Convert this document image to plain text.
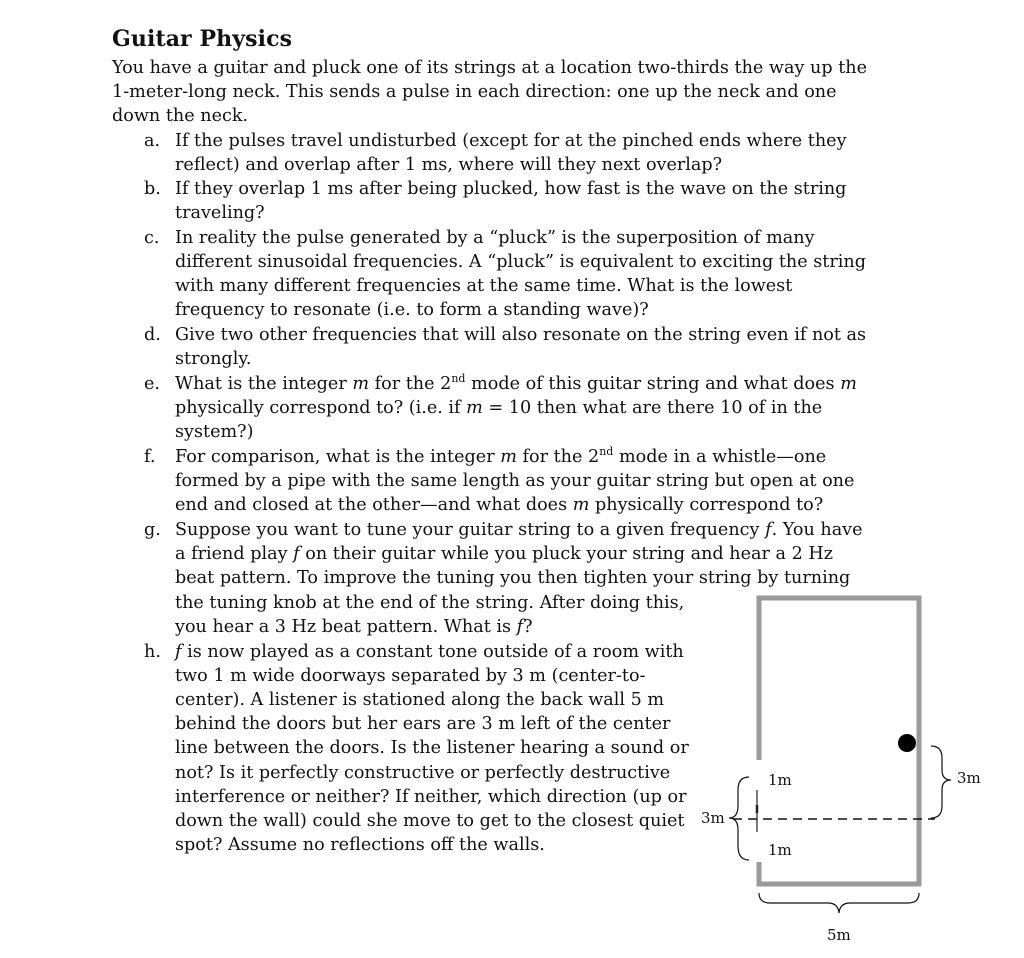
Guitar Physics
You have a guitar and pluck one of its strings at a location two-thirds the way up the
1-meter-long neck. This sends a pulse in each direction: one up the neck and one
down the neck.
a. If the pulses travel undisturbed (except for at the pinched ends where they
reflect) and overlap after 1 ms, where will they next overlap?
b. If they overlap 1 ms after being plucked, how fast is the wave on the string
traveling?
c. In reality the pulse generated by a “pluck” is the superposition of many
different sinusoidal frequencies. A “pluck” is equivalent to exciting the string
with many different frequencies at the same time. What is the lowest
frequency to resonate (i.e. to form a standing wave)?
d. Give two other frequencies that will also resonate on the string even if not as
strongly.
e. What is the integer m for the 2nd mode of this guitar string and what does m
physically correspond to? (i.e. if m = 10 then what are there 10 of in the
system?)
f. For comparison, what is the integer m for the 2nd mode in a whistle—one
formed by a pipe with the same length as your guitar string but open at one
end and closed at the other—and what does m physically correspond to?
g. Suppose you want to tune your guitar string to a given frequency f. You have
a friend play f on their guitar while you pluck your string and hear a 2 Hz
beat pattern. To improve the tuning you then tighten your string by turning
the tuning knob at the end of the string. After doing this,
you hear a 3 Hz beat pattern. What is f?
h. f is now played as a constant tone outside of a room with
two 1 m wide doorways separated by 3 m (center-to-
center). A listener is stationed along the back wall 5 m
behind the doors but her ears are 3 m left of the center
line between the doors. Is the listener hearing a sound or
not? Is it perfectly constructive or perfectly destructive
interference or neither? If neither, which direction (up or
down the wall) could she move to get to the closest quiet
spot? Assume no reflections off the walls.
1m
1m
3m
3m
5m
